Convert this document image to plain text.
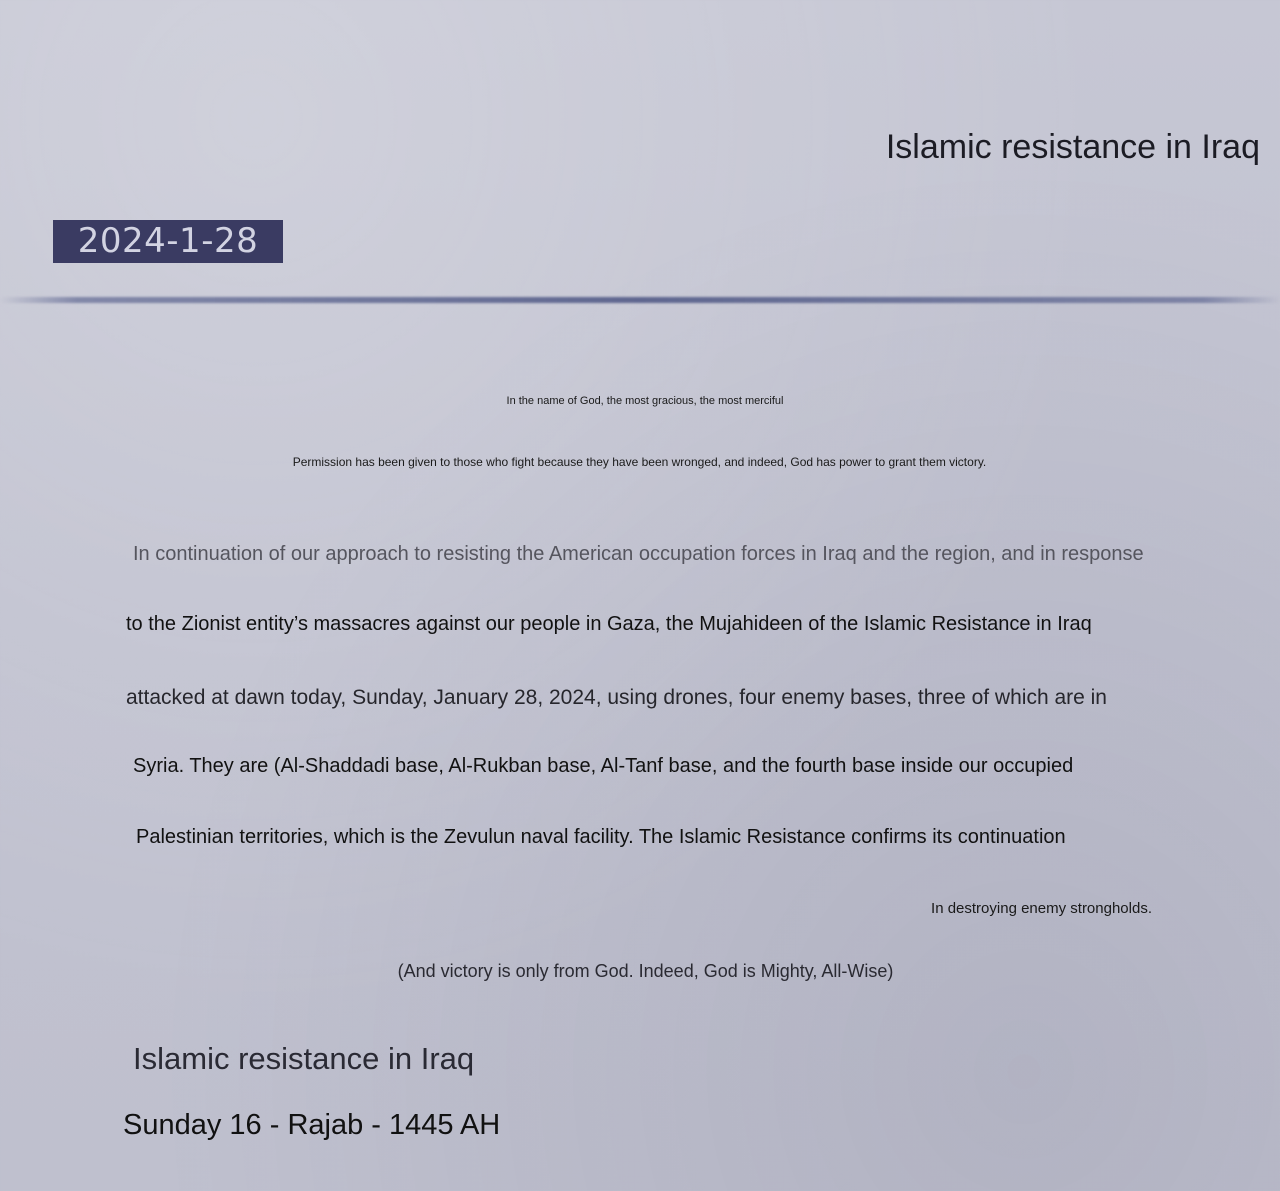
Islamic resistance in Iraq
2024-1-28
In the name of God, the most gracious, the most merciful
Permission has been given to those who fight because they have been wronged, and indeed, God has power to grant them victory.
In continuation of our approach to resisting the American occupation forces in Iraq and the region, and in response
to the Zionist entity’s massacres against our people in Gaza, the Mujahideen of the Islamic Resistance in Iraq
attacked at dawn today, Sunday, January 28, 2024, using drones, four enemy bases, three of which are in
Syria. They are (Al-Shaddadi base, Al-Rukban base, Al-Tanf base, and the fourth base inside our occupied
Palestinian territories, which is the Zevulun naval facility. The Islamic Resistance confirms its continuation
In destroying enemy strongholds.
(And victory is only from God. Indeed, God is Mighty, All-Wise)
Islamic resistance in Iraq
Sunday 16 - Rajab - 1445 AH
